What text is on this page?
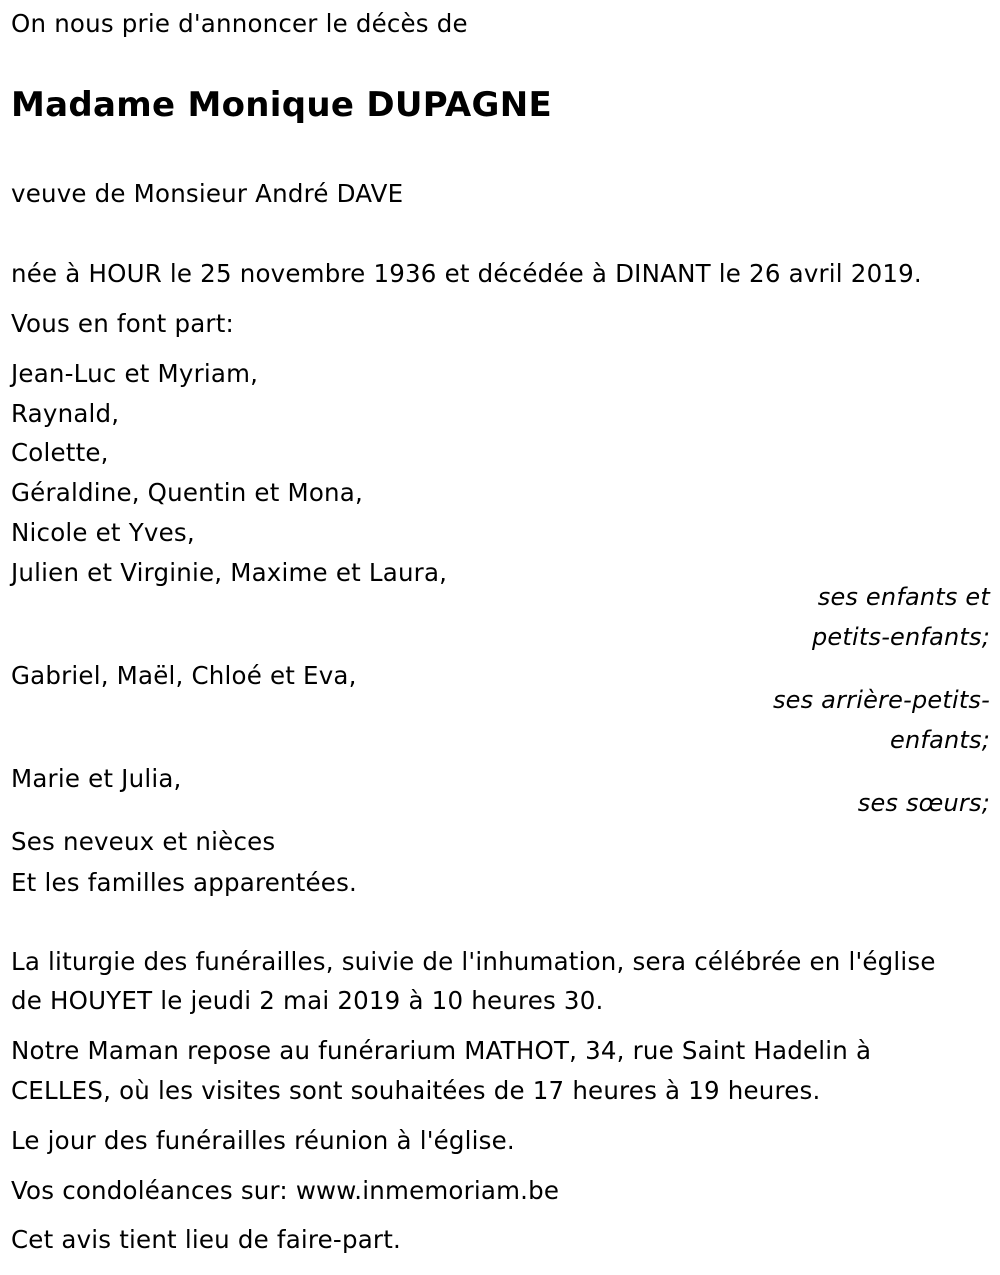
On nous prie d'annoncer le décès de
Madame Monique DUPAGNE
veuve de Monsieur André DAVE
née à HOUR le 25 novembre 1936 et décédée à DINANT le 26 avril 2019.
Vous en font part:
Jean-Luc et Myriam,
Raynald,
Colette,
Géraldine, Quentin et Mona,
Nicole et Yves,
Julien et Virginie, Maxime et Laura,
ses enfants et
petits-enfants;
Gabriel, Maël, Chloé et Eva,
ses arrière-petits-
enfants;
Marie et Julia,
ses sœurs;
Ses neveux et nièces
Et les familles apparentées.
La liturgie des funérailles, suivie de l'inhumation, sera célébrée en l'église
de HOUYET le jeudi 2 mai 2019 à 10 heures 30.
Notre Maman repose au funérarium MATHOT, 34, rue Saint Hadelin à
CELLES, où les visites sont souhaitées de 17 heures à 19 heures.
Le jour des funérailles réunion à l'église.
Vos condoléances sur: www.inmemoriam.be
Cet avis tient lieu de faire-part.
